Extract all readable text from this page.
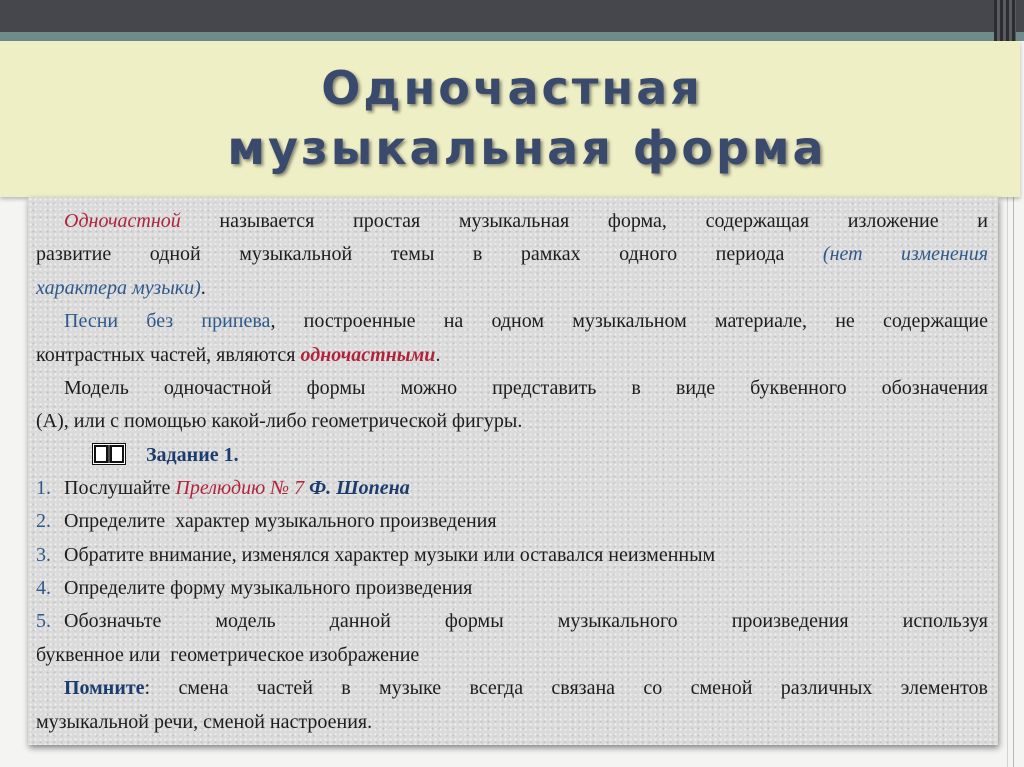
Одночастная
музыкальная форма

Одночастной называется простая музыкальная форма, содержащая изложение и

развитие одной музыкальной темы в рамках одного периода (нет изменения

характера музыки).

Песни без припева, построенные на одном музыкальном материале, не содержащие

контрастных частей, являются одночастными.

Модель одночастной формы можно представить в виде буквенного обозначения

(А), или с помощью какой-либо геометрической фигуры.

Задание 1.
1. Послушайте Прелюдию № 7 Ф. Шопена
2. Определите  характер музыкального произведения
3. Обратите внимание, изменялся характер музыки или оставался неизменным
4. Определите форму музыкального произведения
5. Обозначьте модель данной формы музыкального произведения используя
буквенное или  геометрическое изображение

Помните: смена частей в музыке всегда связана со сменой различных элементов

музыкальной речи, сменой настроения.
